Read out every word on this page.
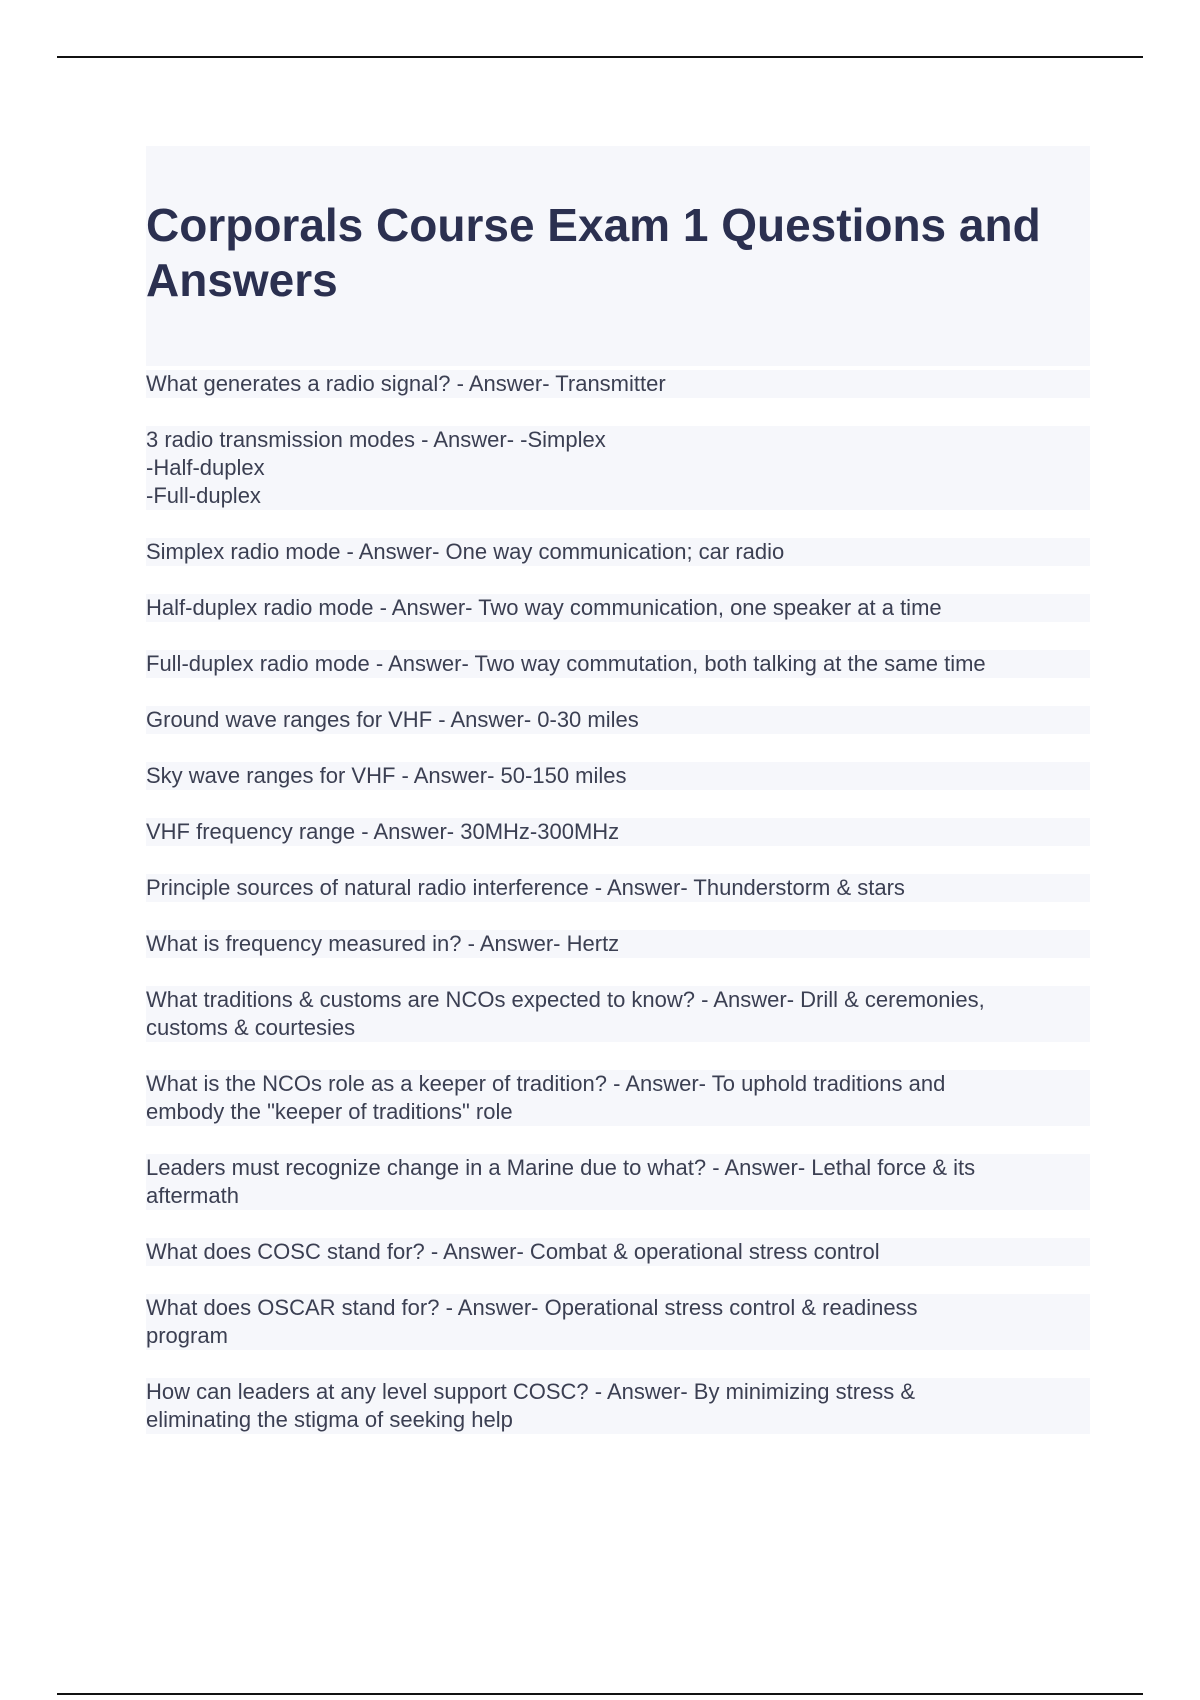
Corporals Course Exam 1 Questions and
Answers
What generates a radio signal? - Answer- Transmitter
3 radio transmission modes - Answer- -Simplex
-Half-duplex
-Full-duplex
Simplex radio mode - Answer- One way communication; car radio
Half-duplex radio mode - Answer- Two way communication, one speaker at a time
Full-duplex radio mode - Answer- Two way commutation, both talking at the same time
Ground wave ranges for VHF - Answer- 0-30 miles
Sky wave ranges for VHF - Answer- 50-150 miles
VHF frequency range - Answer- 30MHz-300MHz
Principle sources of natural radio interference - Answer- Thunderstorm & stars
What is frequency measured in? - Answer- Hertz
What traditions & customs are NCOs expected to know? - Answer- Drill & ceremonies,
customs & courtesies
What is the NCOs role as a keeper of tradition? - Answer- To uphold traditions and
embody the "keeper of traditions" role
Leaders must recognize change in a Marine due to what? - Answer- Lethal force & its
aftermath
What does COSC stand for? - Answer- Combat & operational stress control
What does OSCAR stand for? - Answer- Operational stress control & readiness
program
How can leaders at any level support COSC? - Answer- By minimizing stress &
eliminating the stigma of seeking help
